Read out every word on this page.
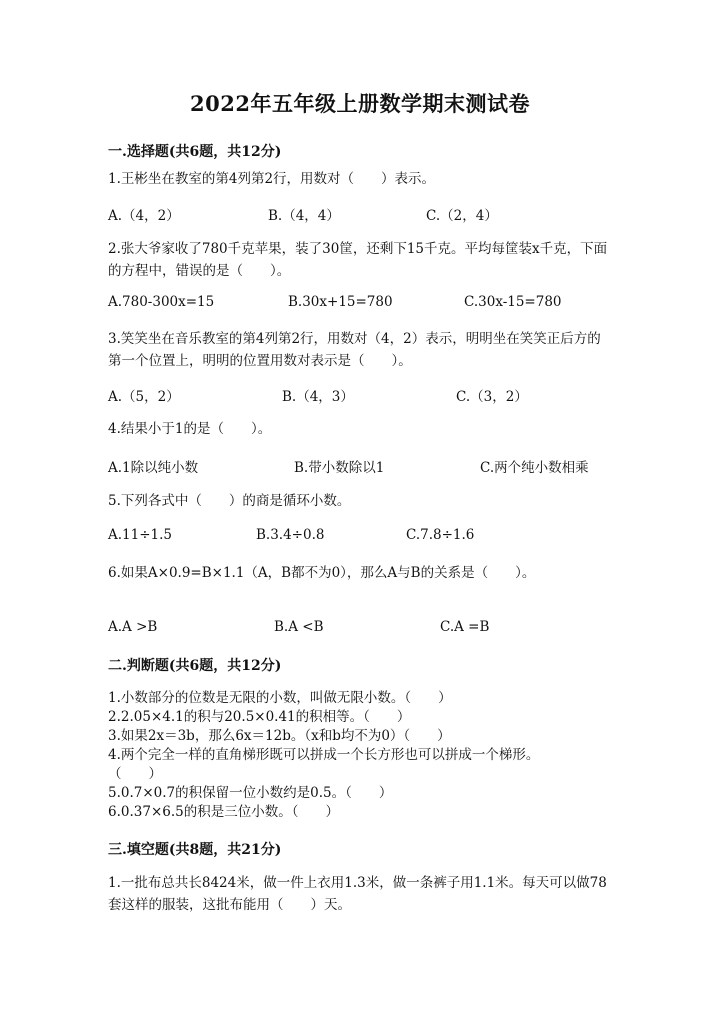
2022年五年级上册数学期末测试卷
一.选择题(共6题，共12分)
1.王彬坐在教室的第4列第2行，用数对（　　）表示。
A.（4，2）	B.（4，4）	C.（2，4）
2.张大爷家收了780千克苹果，装了30筐，还剩下15千克。平均每筐装x千克，下面的方程中，错误的是（　　）。
A.780-300x=15	B.30x+15=780	C.30x-15=780
3.笑笑坐在音乐教室的第4列第2行，用数对（4，2）表示，明明坐在笑笑正后方的第一个位置上，明明的位置用数对表示是（　　）。
A.（5，2）	B.（4，3）	C.（3，2）
4.结果小于1的是（　　）。
A.1除以纯小数	B.带小数除以1	C.两个纯小数相乘
5.下列各式中（　　）的商是循环小数。
A.11÷1.5	B.3.4÷0.8	C.7.8÷1.6
6.如果A×0.9=B×1.1（A，B都不为0），那么A与B的关系是（　　）。
A.A >B	B.A <B	C.A =B
二.判断题(共6题，共12分)
1.小数部分的位数是无限的小数，叫做无限小数。（　　）
2.2.05×4.1的积与20.5×0.41的积相等。（　　）
3.如果2x＝3b，那么6x＝12b。（x和b均不为0）（　　）
4.两个完全一样的直角梯形既可以拼成一个长方形也可以拼成一个梯形。
（　　）
5.0.7×0.7的积保留一位小数约是0.5。（　　）
6.0.37×6.5的积是三位小数。（　　）
三.填空题(共8题，共21分)
1.一批布总共长8424米，做一件上衣用1.3米，做一条裤子用1.1米。每天可以做78套这样的服装，这批布能用（　　）天。
